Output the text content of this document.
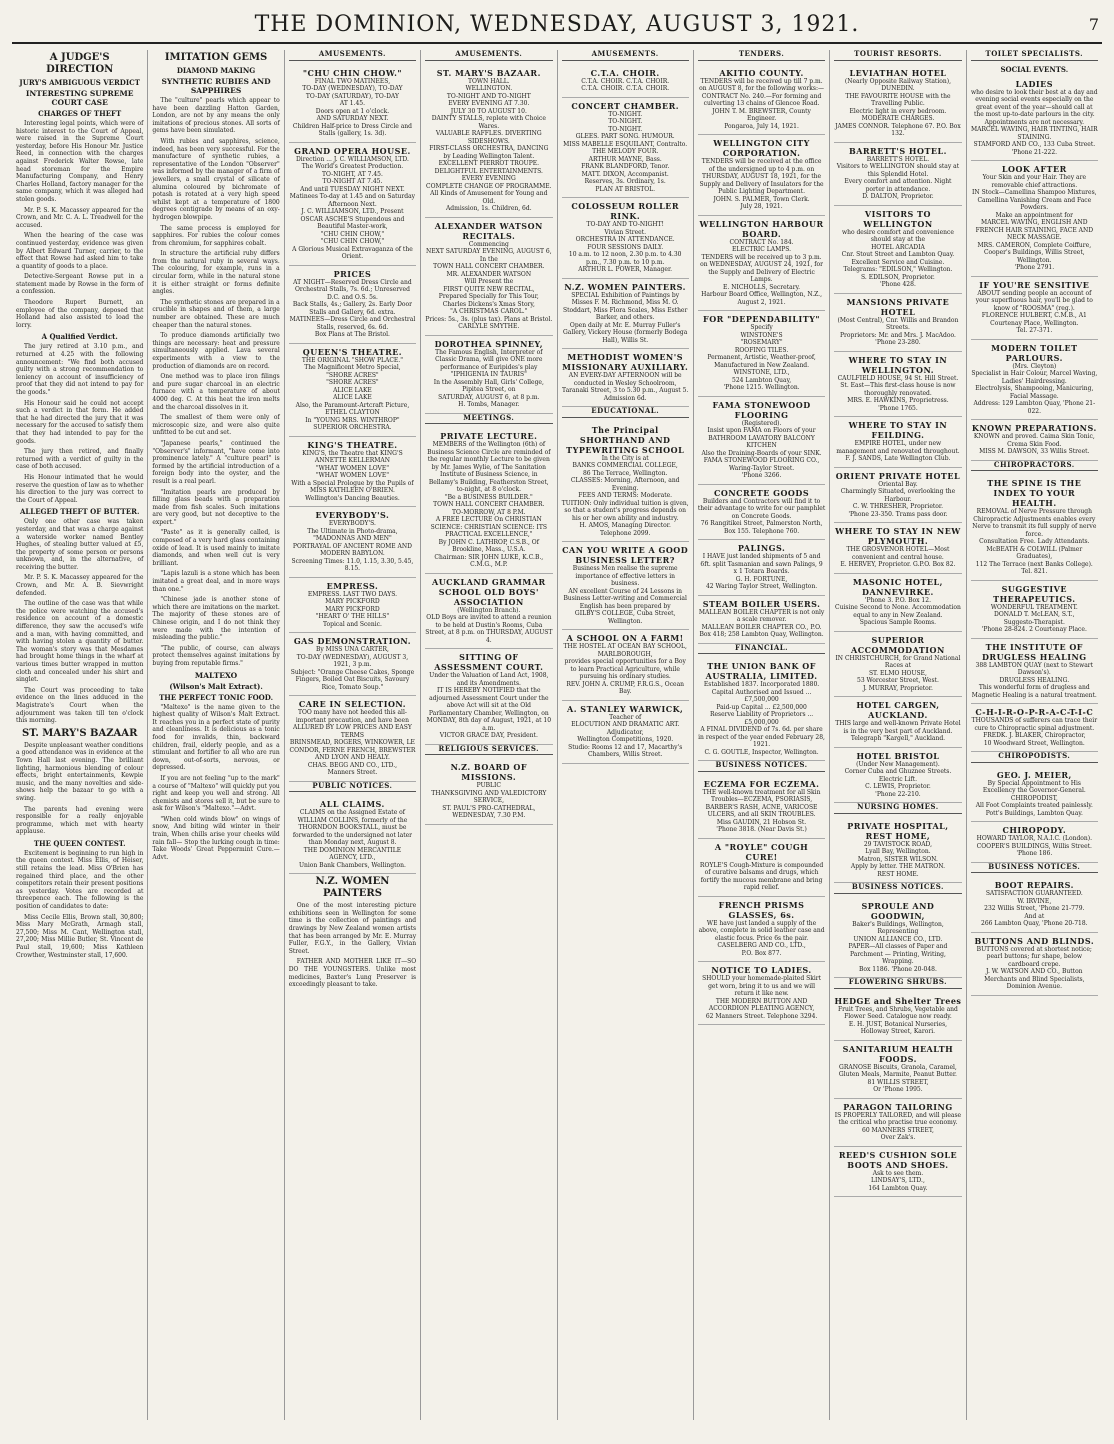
THE DOMINION, WEDNESDAY, AUGUST 3, 1921.	7
A JUDGE'S DIRECTION
JURY'S AMBIGUOUS VERDICT
INTERESTING SUPREME COURT CASE
CHARGES OF THEFT

Interesting legal points, which were of historic interest to the Court of Appeal, were raised in the Supreme Court yesterday, before His Honour Mr. Justice Reed, in connection with the charges against Frederick Walter Rowse, late head storeman for the Empire Manufacturing Company, and Henry Charles Holland, factory manager for the same company, which it was alleged had stolen goods.

Mr. P. S. K. Macassey appeared for the Crown, and Mr. C. A. L. Treadwell for the accused.

When the hearing of the case was continued yesterday, evidence was given by Albert Edward Turner, carrier, to the effect that Rowse had asked him to take a quantity of goods to a place.

Detective-Sergeant Rowse put in a statement made by Rowse in the form of a confession.

Theodore Rupert Burnett, an employee of the company, deposed that Holland had also assisted to load the lorry.

A Qualified Verdict.

The jury retired at 3.10 p.m., and returned at 4.25 with the following announcement: "We find both accused guilty with a strong recommendation to leniency on account of insufficiency of proof that they did not intend to pay for the goods."

His Honour said he could not accept such a verdict in that form. He added that he had directed the jury that it was necessary for the accused to satisfy them that they had intended to pay for the goods.

The jury then retired, and finally returned with a verdict of guilty in the case of both accused.

His Honour intimated that he would reserve the question of law as to whether his direction to the jury was correct to the Court of Appeal.

ALLEGED THEFT OF BUTTER.

Only one other case was taken yesterday, and that was a charge against a waterside worker named Bentley Hughes, of stealing butter valued at £5, the property of some person or persons unknown, and, in the alternative, of receiving the butter.

Mr. P. S. K. Macassey appeared for the Crown, and Mr. A. B. Sievwright defended.

The outline of the case was that while the police were watching the accused's residence on account of a domestic difference, they saw the accused's wife and a man, with having committed, and with having stolen a quantity of butter. The woman's story was that Mesdames had brought home things in the wharf at various times butter wrapped in mutton cloth and concealed under his shirt and singlet.

The Court was proceeding to take evidence on the lines adduced in the Magistrate's Court when the adjournment was taken till ten o'clock this morning.

ST. MARY'S BAZAAR

Despite unpleasant weather conditions a good attendance was in evidence at the Town Hall last evening. The brilliant lighting, harmonious blending of colour effects, bright entertainments, Kewpie music, and the many novelties and side-shows help the bazaar to go with a swing.

The parents had evening were responsible for a really enjoyable programme, which met with hearty applause.

THE QUEEN CONTEST.

Excitement is beginning to run high in the queen contest. Miss Ellis, of Heiser, still retains the lead. Miss O'Brien has regained third place, and the other competitors retain their present positions as yesterday. Votes are recorded at threepence each. The following is the position of candidates to date:

Miss Cecile Ellis, Brown stall, 30,800; Miss Mary McGrath, Armagh stall, 27,500; Miss M. Cant, Wellington stall, 27,200; Miss Millie Butler, St. Vincent de Paul stall, 19,600; Miss Kathleen Crowther, Westminster stall, 17,600.

IMITATION GEMS
DIAMOND MAKING
SYNTHETIC RUBIES AND SAPPHIRES

The "culture" pearls which appear to have been dazzling Hatton Garden, London, are not by any means the only imitations of precious stones. All sorts of gems have been simulated.

With rubies and sapphires, science, indeed, has been very successful. For the manufacture of synthetic rubies, a representative of the London "Observer" was informed by the manager of a firm of jewellers, a small crystal of silicate of alumina coloured by bichromate of potash is rotated at a very high speed whilst kept at a temperature of 1800 degrees centigrade by means of an oxy-hydrogen blowpipe.

The same process is employed for sapphires. For rubies the colour comes from chromium, for sapphires cobalt.

In structure the artificial ruby differs from the natural ruby in several ways. The colouring, for example, runs in a circular form, while in the natural stone it is either straight or forms definite angles.

The synthetic stones are prepared in a crucible in shapes and of them, a large number are obtained. These are much cheaper than the natural stones.

To produce diamonds artificially two things are necessary: heat and pressure simultaneously applied. Lava several experiments with a view to the production of diamonds are on record.

One method was to place iron filings and pure sugar charcoal in an electric furnace with a temperature of about 4000 deg. C. At this heat the iron melts and the charcoal dissolves in it.

The smallest of them were only of microscopic size, and were also quite unfitted to be cut and set.

"Japanese pearls," continued the "Observer's" informant, "have come into prominence lately." A "culture pearl" is formed by the artificial introduction of a foreign body into the oyster, and the result is a real pearl.

"Imitation pearls are produced by filling glass beads with a preparation made from fish scales. Such imitations are very good, but not deceptive to the expert."

"Paste" as it is generally called, is composed of a very hard glass containing oxide of lead. It is used mainly to imitate diamonds, and when well cut is very brilliant.

"Lapis lazuli is a stone which has been imitated a great deal, and in more ways than one."

"Chinese jade is another stone of which there are imitations on the market. The majority of these stones are of Chinese origin, and I do not think they were made with the intention of misleading the public."

"The public, of course, can always protect themselves against imitations by buying from reputable firms."

MALTEXO
(Wilson's Malt Extract).
THE PERFECT TONIC FOOD.

"Maltexo" is the name given to the highest quality of Wilson's Malt Extract. It reaches you in a perfect state of purity and cleanliness. It is delicious as a tonic food for invalids, thin, backward children, frail, elderly people, and as a stimulant and fortifier to all who are run down, out-of-sorts, nervous, or depressed.

If you are not feeling "up to the mark" a course of "Maltexo" will quickly put you right and keep you well and strong. All chemists and stores sell it, but be sure to ask for Wilson's "Maltexo."—Advt.

"When cold winds blow" on wings of snow, And biting wild winter in their train, When chills arise your cheeks wild rain fall— Stop the lurking cough in time: Take Woods' Great Peppermint Cure.—Advt.

AMUSEMENTS.
"CHU CHIN CHOW."
FINAL TWO MATINEES,
TO-DAY (WEDNESDAY), TO-DAY
TO-DAY (SATURDAY), TO-DAY
AT 1.45.
Doors open at 1 o'clock.
AND SATURDAY NEXT.
Children Half-price to Dress Circle and Stalls (gallery, 1s. 3d).
GRAND OPERA HOUSE.
Direction ... J. C. WILLIAMSON, LTD.
The World's Greatest Production.
TO-NIGHT, AT 7.45.
TO-NIGHT AT 7.45.
And until TUESDAY NIGHT NEXT.
Matinees To-day at 1.45 and on Saturday Afternoon Next.
J. C. WILLIAMSON, LTD., Present
OSCAR ASCHE'S Stupendous and Beautiful Master-work,
"CHU CHIN CHOW,"
"CHU CHIN CHOW,"
A Glorious Musical Extravaganza of the Orient.
PRICES
AT NIGHT—Reserved Dress Circle and Orchestral Stalls, 7s. 6d.; Unreserved D.C. and O.S. 5s.
Back Stalls, 4s.; Gallery, 2s. Early Door Stalls and Gallery, 6d. extra.
MATINEES—Dress Circle and Orchestral Stalls, reserved, 6s. 6d.
Box Plans at The Bristol.
QUEEN'S THEATRE.
THE ORIGINAL "SHOW PLACE."
The Magnificent Metro Special,
"SHORE ACRES"
"SHORE ACRES"
ALICE LAKE
ALICE LAKE
Also, the Paramount-Artcraft Picture,
ETHEL CLAYTON
In "YOUNG MRS. WINTHROP"
SUPERIOR ORCHESTRA.
KING'S THEATRE.
KING'S, the Theatre that KING'S
ANNETTE KELLERMAN
"WHAT WOMEN LOVE"
"WHAT WOMEN LOVE"
With a Special Prologue by the Pupils of
MISS KATHLEEN O'BRIEN.
Wellington's Dancing Beauties.
EVERYBODY'S.
EVERYBODY'S.
The Ultimate in Photo-drama,
"MADONNAS AND MEN"
PORTRAYAL OF ANCIENT ROME AND MODERN BABYLON.
Screening Times: 11.0, 1.15, 3.30, 5.45, 8.15.
EMPRESS.
EMPRESS. LAST TWO DAYS.
MARY PICKFORD
MARY PICKFORD
"HEART O' THE HILLS"
Topical and Scenic.
GAS DEMONSTRATION.
By MISS UNA CARTER,
TO-DAY (WEDNESDAY), AUGUST 3, 1921, 3 p.m.
Subject: "Orange Cheese Cakes, Sponge Fingers, Boiled Oat Biscuits, Savoury Rice, Tomato Soup."
CARE IN SELECTION.
TOO many have not heeded this all-important precaution, and have been
ALLURED BY LOW PRICES AND EASY TERMS
BRINSMEAD, ROGERS, WINKOWER, LE CONDOR, FERNE FRENCH, BREWSTER AND LYON AND HEALY.
CHAS. BEGG AND CO., LTD.,
Manners Street.
PUBLIC NOTICES.
ALL CLAIMS.
CLAIMS on the Assigned Estate of WILLIAM COLLINS, formerly of the THORNDON BOOKSTALL, must be forwarded to the undersigned not later than Monday next, August 8.
THE DOMINION MERCANTILE AGENCY, LTD.,
Union Bank Chambers, Wellington.
N.Z. WOMEN PAINTERS

One of the most interesting picture exhibitions seen in Wellington for some time is the collection of paintings and drawings by New Zealand women artists that has been arranged by Mr. E. Murray Fuller, F.G.Y., in the Gallery, Vivian Street.

FATHER AND MOTHER LIKE IT—SO DO THE YOUNGSTERS. Unlike most medicines, Baxter's Lung Preserver is exceedingly pleasant to take.

AMUSEMENTS.
ST. MARY'S BAZAAR.
TOWN HALL.
WELLINGTON.
TO-NIGHT AND TO-NIGHT
EVERY EVENING AT 7.30.
JULY 30 TO AUGUST 10.
DAINTY STALLS, replete with Choice Wares.
VALUABLE RAFFLES. DIVERTING SIDESHOWS.
FIRST-CLASS ORCHESTRA, DANCING by Leading Wellington Talent.
EXCELLENT PIERROT TROUPE.
DELIGHTFUL ENTERTAINMENTS.
EVERY EVENING
COMPLETE CHANGE OF PROGRAMME.
All Kinds of Amusement for Young and Old.
Admission, 1s. Children, 6d.
ALEXANDER WATSON RECITALS.
Commencing
NEXT SATURDAY EVENING, AUGUST 6,
In the
TOWN HALL CONCERT CHAMBER.
MR. ALEXANDER WATSON
Will Present the
FIRST QUITE NEW RECITAL,
Prepared Specially for This Tour,
Charles Dickens's Xmas Story,
"A CHRISTMAS CAROL."
Prices: 5s., 3s. (plus tax). Plans at Bristol.
CARLYLE SMYTHE.
DOROTHEA SPINNEY,
The Famous English, Interpreter of Classic Drama, will give ONE more performance of Euripides's play
"IPHIGENIA IN TAURIS"
In the Assembly Hall, Girls' College, Pipitea Street, on
SATURDAY, AUGUST 6, at 8 p.m.
H. Tombs, Manager.
MEETINGS.
PRIVATE LECTURE.
MEMBERS of the Wellington (6th) of Business Science Circle are reminded of the regular monthly Lecture to be given by Mr. James Wylie, of The Sanitation Institute of Business Science, in Bellamy's Building, Featherston Street, to-night, at 8 o'clock.
"Be a BUSINESS BUILDER."
TOWN HALL CONCERT CHAMBER.
TO-MORROW, AT 8 P.M.
A FREE LECTURE On CHRISTIAN SCIENCE: CHRISTIAN SCIENCE: ITS PRACTICAL EXCELLENCE,"
By JOHN C. LATHROP, C.S.B., Of Brookline, Mass., U.S.A.
Chairman: SIR JOHN LUKE, K.C.B., C.M.G., M.P.
AUCKLAND GRAMMAR SCHOOL OLD BOYS' ASSOCIATION
(Wellington Branch).
OLD Boys are invited to attend a reunion to be held at Dustin's Rooms, Cuba Street, at 8 p.m. on THURSDAY, AUGUST 4.
SITTING OF ASSESSMENT COURT.
Under the Valuation of Land Act, 1908, and its Amendments.
IT IS HEREBY NOTIFIED that the adjourned Assessment Court under the above Act will sit at the Old Parliamentary Chamber, Wellington, on MONDAY, 8th day of August, 1921, at 10 a.m.
VICTOR GRACE DAY, President.
RELIGIOUS SERVICES.
N.Z. BOARD OF MISSIONS.
PUBLIC
THANKSGIVING AND VALEDICTORY SERVICE,
ST. PAUL'S PRO-CATHEDRAL,
WEDNESDAY, 7.30 P.M.
AMUSEMENTS.
C.T.A. CHOIR.
C.T.A. CHOIR. C.T.A. CHOIR.
C.T.A. CHOIR. C.T.A. CHOIR.
CONCERT CHAMBER.
TO-NIGHT.
TO-NIGHT.
TO-NIGHT.
GLEES. PART SONG. HUMOUR.
MISS MABELLE ESQUILANT, Contralto.
THE MELODY FOUR.
ARTHUR MAYNE, Bass.
FRANK BLANDFORD, Tenor.
MATT. DIXON, Accompanist.
Reserves, 3s. Ordinary, 1s.
PLAN AT BRISTOL.
COLOSSEUM ROLLER RINK.
TO-DAY AND TO-NIGHT!
Vivian Street.
ORCHESTRA IN ATTENDANCE.
FOUR SESSIONS DAILY.
10 a.m. to 12 noon, 2.30 p.m. to 4.30 p.m., 7.30 p.m. to 10 p.m.
ARTHUR L. POWER, Manager.
N.Z. WOMEN PAINTERS.
SPECIAL Exhibition of Paintings by Misses F. M. Richmond, Miss M. O. Stoddart, Miss Flora Scales, Miss Esther Barker, and others.
Open daily at Mr. E. Murray Fuller's Gallery, Vickery House (formerly Bodega Hall), Willis St.
METHODIST WOMEN'S MISSIONARY AUXILIARY.
AN EVERY-DAY AFTERNOON will be conducted in Wesley Schoolroom, Taranaki Street, 3 to 5.30 p.m., August 5.
Admission 6d.
EDUCATIONAL.
The Principal SHORTHAND AND TYPEWRITING SCHOOL
In the City is at
BANKS COMMERCIAL COLLEGE,
86 The Terrace, Wellington.
CLASSES: Morning, Afternoon, and Evening.
FEES AND TERMS: Moderate.
TUITION: Only individual tuition is given, so that a student's progress depends on his or her own ability and industry.
H. AMOS, Managing Director.
Telephone 2099.
CAN YOU WRITE A GOOD BUSINESS LETTER?
Business Men realise the supreme importance of effective letters in business.
AN excellent Course of 24 Lessons in Business Letter-writing and Commercial English has been prepared by
GILBY'S COLLEGE, Cuba Street, Wellington.
A SCHOOL ON A FARM!
THE HOSTEL AT OCEAN BAY SCHOOL, MARLBOROUGH,
provides special opportunities for a Boy to learn Practical Agriculture, while pursuing his ordinary studies.
REV. JOHN A. CRUMP, F.R.G.S., Ocean Bay.
A. STANLEY WARWICK,
Teacher of
ELOCUTION AND DRAMATIC ART.
Adjudicator,
Wellington Competitions, 1920.
Studio: Rooms 12 and 17, Macarthy's Chambers, Willis Street.
TENDERS.
AKITIO COUNTY.
TENDERS will be received up till 7 p.m. on AUGUST 8, for the following works:—
CONTRACT No. 240.—For forming and culverting 13 chains of Glencoe Road.
JOHN T. M. BREWSTER, County Engineer.
Pongaroa, July 14, 1921.
WELLINGTON CITY CORPORATION.
TENDERS will be received at the office of the undersigned up to 4 p.m. on THURSDAY, AUGUST 18, 1921, for the Supply and Delivery of Insulators for the Public Lighting Department.
JOHN. S. PALMER, Town Clerk.
July 28, 1921.
WELLINGTON HARBOUR BOARD.
CONTRACT No. 184.
ELECTRIC LAMPS.
TENDERS will be received up to 3 p.m. on WEDNESDAY, AUGUST 24, 1921, for the Supply and Delivery of Electric Lamps.
E. NICHOLLS, Secretary.
Harbour Board Office, Wellington, N.Z., August 2, 1921.
FOR "DEPENDABILITY"
Specify
WINSTONE'S
"ROSEMARY"
ROOFING TILES.
Permanent, Artistic, Weather-proof, Manufactured in New Zealand.
WINSTONE, LTD.,
524 Lambton Quay,
'Phone 1215. Wellington.
FAMA STONEWOOD FLOORING
(Registered).
Insist upon FAMA on Floors of your
BATHROOM LAVATORY BALCONY KITCHEN
Also the Draining-Boards of your SINK.
FAMA STONEWOOD FLOORING CO.,
Waring-Taylor Street.
'Phone 3266.
CONCRETE GOODS
Builders and Contractors will find it to their advantage to write for our pamphlet on Concrete Goods.
76 Rangitikei Street, Palmerston North, Box 155. Telephone 760.
PALINGS.
I HAVE just landed shipments of 5 and 6ft. split Tasmanian and sawn Palings, 9 x 1 Totara Boards.
G. H. FORTUNE,
42 Waring Taylor Street, Wellington.
STEAM BOILER USERS.
MALLEAN BOILER CHAPTER is not only a scale remover.
MALLEAN BOILER CHAPTER CO., P.O. Box 418; 258 Lambton Quay, Wellington.
FINANCIAL.
THE UNION BANK OF AUSTRALIA, LIMITED.
Established 1837. Incorporated 1880.
Capital Authorised and Issued ... £7,500,000
Paid-up Capital ... £2,500,000
Reserve Liability of Proprietors ... £5,000,000
A FINAL DIVIDEND of 7s. 6d. per share in respect of the year ended February 28, 1921.
C. G. GOUTLE, Inspector, Wellington.
BUSINESS NOTICES.
ECZEMA FOR ECZEMA.
THE well-known treatment for all Skin Troubles—ECZEMA, PSORIASIS, BARBER'S RASH, ACNE, VARICOSE ULCERS, and all SKIN TROUBLES.
Miss GAUDIN, 21 Hobson St.
'Phone 3818. (Near Davis St.)
A "ROYLE" COUGH CURE!
ROYLE'S Cough-Mixture is compounded of curative balsams and drugs, which fortify the mucous membrane and bring rapid relief.
FRENCH PRISMS GLASSES, 6s.
WE have just landed a supply of the above, complete in solid leather case and elastic focus. Price 6s the pair.
CASELBERG AND CO., LTD.,
P.O. Box 877.
NOTICE TO LADIES.
SHOULD your homemade-plaited Skirt get worn, bring it to us and we will return it like new.
THE MODERN BUTTON AND ACCORDION PLEATING AGENCY,
62 Manners Street. Telephone 3294.
TOURIST RESORTS.
LEVIATHAN HOTEL
(Nearly Opposite Railway Station),
DUNEDIN.
THE FAVOURITE HOUSE with the Travelling Public.
Electric light in every bedroom.
MODERATE CHARGES.
JAMES CONNOR. Telephone 67. P.O. Box 132.
BARRETT'S HOTEL.
BARRETT'S HOTEL.
Visitors to WELLINGTON should stay at this Splendid Hotel.
Every comfort and attention. Night porter in attendance.
D. DALTON, Proprietor.
VISITORS TO WELLINGTON
who desire comfort and convenience should stay at the
HOTEL ARCADIA
Cnr. Stout Street and Lambton Quay. Excellent Service and Cuisine.
Telegrams: "EDILSON," Wellington.
S. EDILSON, Proprietor.
'Phone 428.
MANSIONS PRIVATE HOTEL
(Most Central), Cnr. Willis and Brandon Streets.
Proprietors: Mr. and Mrs. J. MacAdoo.
'Phone 23-280.
WHERE TO STAY IN WELLINGTON.
CAULFIELD HOUSE, 94 St. Hill Street.
St. East—This first-class house is now thoroughly renovated.
MRS. E. HAWKINS, Proprietress.
'Phone 1765.
WHERE TO STAY IN FEILDING.
EMPIRE HOTEL, under new management and renovated throughout.
F. J. SANDS, Late Wellington Club.
ORIENT PRIVATE HOTEL
Oriental Bay.
Charmingly Situated, overlooking the Harbour.
C. W. THRESHER, Proprietor.
'Phone 23-350. Trams pass door.
WHERE TO STAY IN NEW PLYMOUTH.
THE GROSVENOR HOTEL—Most convenient and central house.
E. HERVEY, Proprietor. G.P.O. Box 82.
MASONIC HOTEL, DANNEVIRKE.
'Phone 3. P.O. Box 12.
Cuisine Second to None. Accommodation equal to any in New Zealand.
Spacious Sample Rooms.
SUPERIOR ACCOMMODATION
IN CHRISTCHURCH, for Grand National Races at
ST. ELMO HOUSE,
53 Worcester Street, West.
J. MURRAY, Proprietor.
HOTEL CARGEN, AUCKLAND.
THIS large and well-known Private Hotel is in the very best part of Auckland.
Telegraph "Kargell," Auckland.
HOTEL BRISTOL
(Under New Management).
Corner Cuba and Ghuznee Streets.
Electric Lift.
C. LEWIS, Proprietor.
'Phone 22-210.
NURSING HOMES.
PRIVATE HOSPITAL, REST HOME,
29 TAVISTOCK ROAD,
Lyall Bay, Wellington.
Matron, SISTER WILSON.
Apply by letter. THE MATRON.
REST HOME.
BUSINESS NOTICES.
SPROULE AND GOODWIN,
Baker's Buildings, Wellington,
Representing
UNION ALLIANCE CO., LTD.
PAPER—All classes of Paper and Parchment — Printing, Writing, Wrapping.
Box 1186. 'Phone 20-048.
FLOWERING SHRUBS.
HEDGE and Shelter Trees
Fruit Trees, and Shrubs, Vegetable and Flower Seed. Catalogue now ready.
E. H. JUST, Botanical Nurseries, Holloway Street, Karori.
SANITARIUM HEALTH FOODS.
GRANOSE Biscuits, Granola, Caramel, Gluten Meals, Marmite, Peanut Butter.
81 WILLIS STREET,
Or 'Phone 1995.
PARAGON TAILORING
IS PROPERLY TAILORED, and will please the critical who practise true economy.
60 MANNERS STREET,
Over Zak's.
REED'S CUSHION SOLE BOOTS AND SHOES.
Ask to see them.
LINDSAY'S, LTD.,
164 Lambton Quay.
TOILET SPECIALISTS.
SOCIAL EVENTS.
LADIES
who desire to look their best at a day and evening social events especially on the great event of the year—should call at the most up-to-date parlours in the city.
Appointments are not necessary.
MARCEL WAVING, HAIR TINTING, HAIR STAINING.
STAMFORD AND CO., 133 Cuba Street.
'Phone 21-222.
LOOK AFTER
Your Skin and your Hair. They are removable chief attractions.
IN Stock—Camellina Shampoo Mixtures, Camellina Vanishing Cream and Face Powders.
Make an appointment for
MARCEL WAVING, ENGLISH AND FRENCH HAIR STAINING, FACE AND NECK MASSAGE.
MRS. CAMERON, Complete Coiffure, Cooper's Buildings, Willis Street, Wellington.
'Phone 2791.
IF YOU'RE SENSITIVE
ABOUT sending people an account of your superfluous hair, you'll be glad to know of "ROOSMA" (reg.).
FLORENCE HULBERT, C.M.B., A1 Courtenay Place, Wellington.
Tel. 27-371.
MODERN TOILET PARLOURS.
(Mrs. Cleyton)
Specialist in Hair Colour, Marcel Waving, Ladies' Hairdressing.
Electrolysis, Shampooing, Manicuring, Facial Massage.
Address: 129 Lambton Quay, 'Phone 21-022.
KNOWN PREPARATIONS.
KNOWN and proved. Caima Skin Tonic, Crema Skin Food.
MISS M. DAWSON, 33 Willis Street.
CHIROPRACTORS.
THE SPINE IS THE INDEX TO YOUR HEALTH.
REMOVAL of Nerve Pressure through Chiropractic Adjustments enables every Nerve to transmit its full supply of nerve force.
Consultation Free. Lady Attendants.
McBEATH & COLWILL (Palmer Graduates),
112 The Terrace (next Banks College). Tel. 821.
SUGGESTIVE THERAPEUTICS.
WONDERFUL TREATMENT.
DONALD T. McLEAN, S.T.,
Suggesto-Therapist.
'Phone 28-824. 2 Courtenay Place.
THE INSTITUTE OF DRUGLESS HEALING
388 LAMBTON QUAY (next to Stewart Dawson's).
DRUGLESS HEALING.
This wonderful form of drugless and Magnetic Healing is a natural treatment.
C-H-I-R-O-P-R-A-C-T-I-C
THOUSANDS of sufferers can trace their cure to Chiropractic spinal adjustment.
FREDK. J. BLAKER, Chiropractor,
10 Woodward Street, Wellington.
CHIROPODISTS.
GEO. J. MEIER,
By Special Appointment to His Excellency the Governor-General.
CHIROPODIST,
All Foot Complaints treated painlessly.
Pott's Buildings, Lambton Quay.
CHIROPODY.
HOWARD TAYLOR, N.A.I.C. (London).
COOPER'S BUILDINGS, Willis Street.
'Phone 186.
BUSINESS NOTICES.
BOOT REPAIRS.
SATISFACTION GUARANTEED.
W. IRVINE,
232 Willis Street, 'Phone 21-779.
And at
266 Lambton Quay, 'Phone 20-718.
BUTTONS AND BLINDS.
BUTTONS covered at shortest notice; pearl buttons; fur shape, below cardboard crepe.
J. W. WATSON AND CO., Button Merchants and Blind Specialists, Dominion Avenue.
